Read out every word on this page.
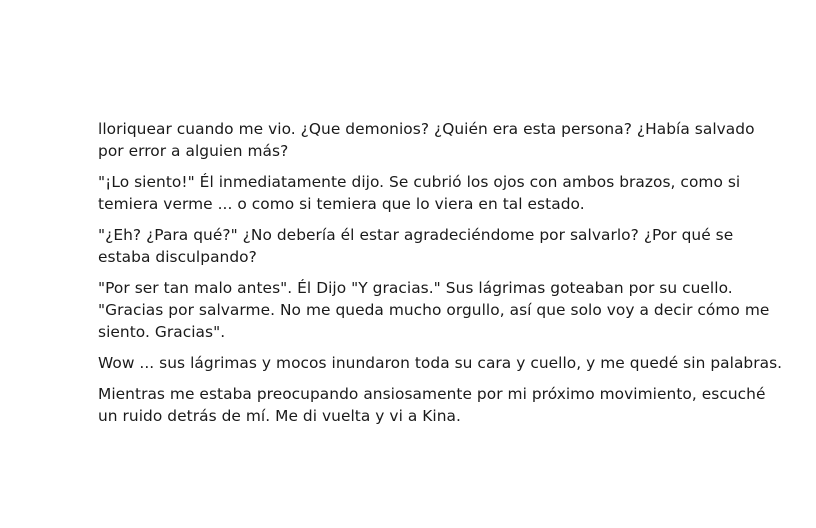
lloriquear cuando me vio. ¿Que demonios? ¿Quién era esta persona? ¿Había salvado
por error a alguien más?

"¡Lo siento!" Él inmediatamente dijo. Se cubrió los ojos con ambos brazos, como si
temiera verme ... o como si temiera que lo viera en tal estado.

"¿Eh? ¿Para qué?" ¿No debería él estar agradeciéndome por salvarlo? ¿Por qué se
estaba disculpando?

"Por ser tan malo antes". Él Dijo "Y gracias." Sus lágrimas goteaban por su cuello.
"Gracias por salvarme. No me queda mucho orgullo, así que solo voy a decir cómo me
siento. Gracias".

Wow ... sus lágrimas y mocos inundaron toda su cara y cuello, y me quedé sin palabras.

Mientras me estaba preocupando ansiosamente por mi próximo movimiento, escuché
un ruido detrás de mí. Me di vuelta y vi a Kina.
